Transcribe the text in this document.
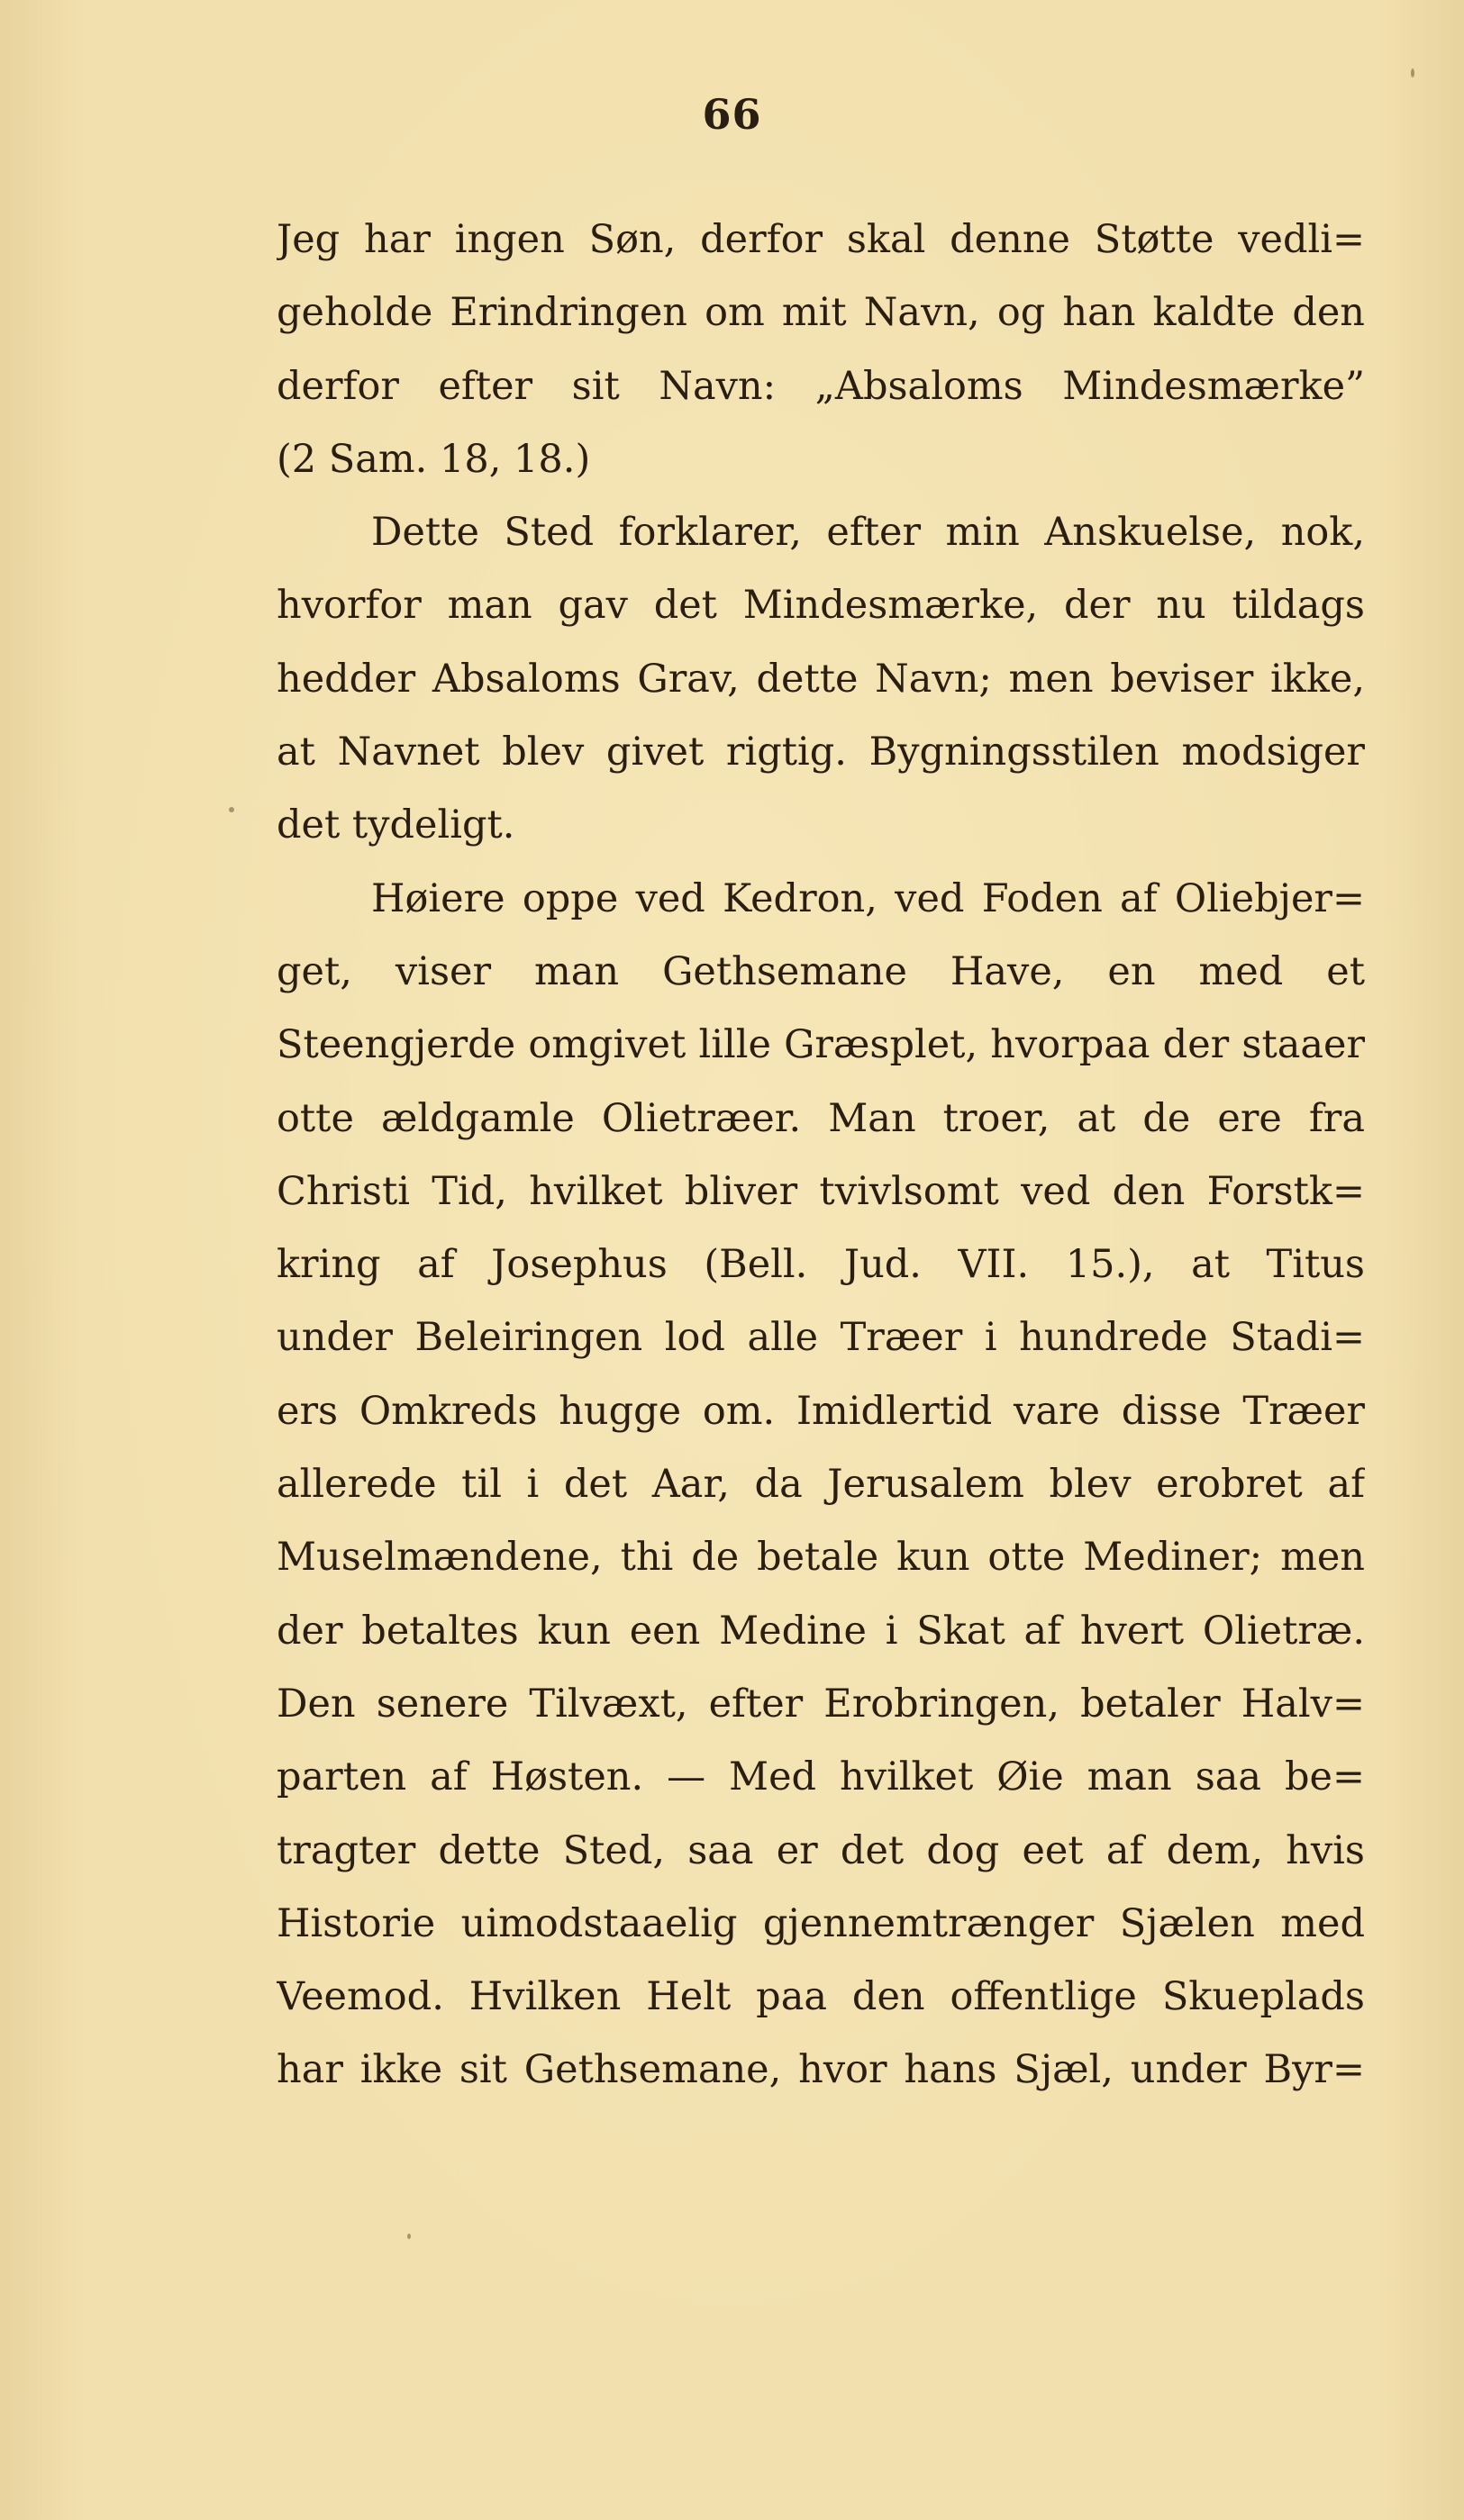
66
Jeg har ingen Søn, derfor skal denne Støtte vedli=
geholde Erindringen om mit Navn, og han kaldte den
derfor efter sit Navn: „Absaloms Mindesmærke”
(2 Sam. 18, 18.)
Dette Sted forklarer, efter min Anskuelse, nok,
hvorfor man gav det Mindesmærke, der nu tildags
hedder Absaloms Grav, dette Navn; men beviser ikke,
at Navnet blev givet rigtig. Bygningsstilen modsiger
det tydeligt.
Høiere oppe ved Kedron, ved Foden af Oliebjer=
get, viser man Gethsemane Have, en med et
Steengjerde omgivet lille Græsplet, hvorpaa der staaer
otte ældgamle Olietræer. Man troer, at de ere fra
Christi Tid, hvilket bliver tvivlsomt ved den Forstk=
kring af Josephus (Bell. Jud. VII. 15.), at Titus
under Beleiringen lod alle Træer i hundrede Stadi=
ers Omkreds hugge om. Imidlertid vare disse Træer
allerede til i det Aar, da Jerusalem blev erobret af
Muselmændene, thi de betale kun otte Mediner; men
der betaltes kun een Medine i Skat af hvert Olietræ.
Den senere Tilvæxt, efter Erobringen, betaler Halv=
parten af Høsten. — Med hvilket Øie man saa be=
tragter dette Sted, saa er det dog eet af dem, hvis
Historie uimodstaaelig gjennemtrænger Sjælen med
Veemod. Hvilken Helt paa den offentlige Skueplads
har ikke sit Gethsemane, hvor hans Sjæl, under Byr=
